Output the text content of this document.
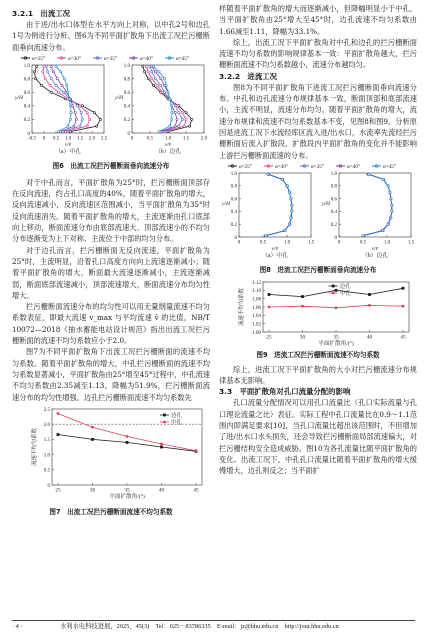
3.2.1　出流工况

由于进/出水口体型在水平方向上对称，以中孔2号和边孔1号为例进行分析。图6为不同平面扩散角下出流工况拦污栅断面垂向流速分布。

α=25°	α=30°	α=35°	α=40°	α=45°
0
0.2
0.4
0.6
0.8
1.0
-0.5 0 0.5 1.0 1.5 2.0 2.5
y/H
v/v̄
（a）中孔
0
0.2
0.4
0.6
0.8
1.0
0	0.5 1.0 1.5 2.0
y/H
v/v̄
（b）边孔
图6　出流工况拦污栅断面垂向流速分布

对于中孔而言，平面扩散角为25°时，拦污栅断面顶部存在反向流速，约占孔口高度的40%，随着平面扩散角的增大，反向流速减小，反向流速区范围减小，当平面扩散角为35°时反向流速消失。随着平面扩散角的增大，主流逐渐由孔口底部向上移动，断面流速分布由底部流速大、顶部流速小的不均匀分布逐渐变为上下对称、主流位于中部的均匀分布。

对于边孔而言，拦污栅断面无反向流速，平面扩散角为25°时，主流明显，沿着孔口高度方向向上流速逐渐减小；随着平面扩散角的增大，断面最大流速逐渐减小，主流逐渐减弱，断面底部流速减小，顶部流速增大，断面流速分布均匀性增大。

拦污栅断面流速分布的均匀性可以用无量纲量流速不均匀系数表征，即最大流速 v_max 与平均流速 v̄ 的比值，NB/T 10072—2018《抽水蓄能电站设计规范》指出出流工况拦污栅断面的流速不均匀系数应小于2.0。

图7为不同平面扩散角下出流工况拦污栅断面的流速不均匀系数。随着平面扩散角的增大，中孔拦污栅断面的流速不均匀系数显著减小，平面扩散角由25°增至45°过程中，中孔流速不均匀系数由2.35减至1.13，降幅为51.9%，拦污栅断面流速分布的均匀性增强。边孔拦污栅断面流速不均匀系数先

0
0.5
1.0
1.5
2.0
2.5
25	30	35	40	45
流速不均匀系数
平面扩散角/(°)
边孔
中孔
图7　出流工况拦污栅断面流速不均匀系数

样随着平面扩散角的增大而逐渐减小，但降幅明显小于中孔，当平面扩散角由25°增大至45°时，边孔流速不均匀系数由1.66减至1.11，降幅为33.1%。

综上，出流工况下平面扩散角对中孔和边孔的拦污栅断面流速不均匀系数的影响规律基本一致：平面扩散角越大，拦污栅断面流速不均匀系数越小，流速分布越均匀。

3.2.2　进流工况

图8为不同平面扩散角下进流工况拦污栅断面垂向流速分布。中孔和边孔流速分布规律基本一致，断面顶部和底部流速小，主流不明显，流速分布均匀。随着平面扩散角的增大，流速分布规律和流速不均匀系数基本不变，见图8和图9。分析原因是进流工况下水流经库区流入进/出水口，水流率先流经拦污栅断面后流入扩散段，扩散段内平面扩散角的变化并不能影响上游拦污栅断面流速的分布。

α=25°	α=30°	α=35°	α=40°	α=45°
0
0.2
0.4
0.6
0.8
1.0
0	0.5	1.0	1.5
y/H
v/v̄
（a）中孔
0
0.2
0.4
0.6
0.8
1.0
0	0.5	1.0	1.5
y/H
v/v̄
（b）边孔
图8　进流工况拦污栅断面垂向流速分布
1.00
1.02
1.04
1.06
1.08
1.10
1.12
25	30	35	40	45
流速不均匀系数
平面扩散角/(°)
边孔
中孔
图9　进流工况拦污栅断面流速不均匀系数

综上，进流工况下平面扩散角的大小对拦污栅流速分布规律基本无影响。

3.3　平面扩散角对孔口流量分配的影响

孔口流量分配情况可以用孔口流量比（孔口实际流量与孔口理论流量之比）表征。实际工程中孔口流量比在0.9～1.1范围内即满足要求[10]，当孔口流量比超出该范围时，不但增加了进/出水口水头损失，还会导致拦污栅断面局部流速偏大，对拦污栅结构安全造成威胁。图10为各孔流量比随平面扩散角的变化。出流工况下，中孔孔口流量比随着平面扩散角的增大缓慢增大，边孔则反之；当平面扩

· 4 ·	水利水电科技进展，2025，45(3)　Tel：025－83786335　E-mail：jz@hhu.edu.cn　http://jour.hhu.edu.cn
